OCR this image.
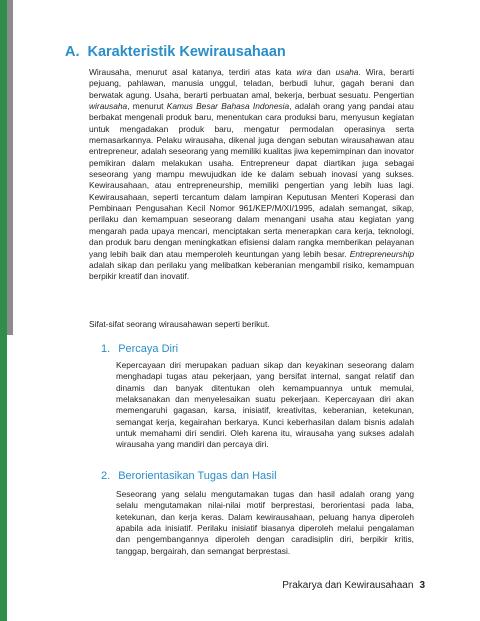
A. Karakteristik Kewirausahaan

Wirausaha, menurut asal katanya, terdiri atas kata wira dan usaha. Wira, berarti pejuang, pahlawan, manusia unggul, teladan, berbudi luhur, gagah berani dan berwatak agung. Usaha, berarti perbuatan amal, bekerja, berbuat sesuatu. Pengertian wirausaha, menurut Kamus Besar Bahasa Indonesia, adalah orang yang pandai atau berbakat mengenali produk baru, menentukan cara produksi baru, menyusun kegiatan untuk mengadakan produk baru, mengatur permodalan operasinya serta memasarkannya. Pelaku wirausaha, dikenal juga dengan sebutan wirausahawan atau entrepreneur, adalah seseorang yang memiliki kualitas jiwa kepemimpinan dan inovator pemikiran dalam melakukan usaha. Entrepreneur dapat diartikan juga sebagai seseorang yang mampu mewujudkan ide ke dalam sebuah inovasi yang sukses. Kewirausahaan, atau entrepreneurship, memiliki pengertian yang lebih luas lagi. Kewirausahaan, seperti tercantum dalam lampiran Keputusan Menteri Koperasi dan Pembinaan Pengusahan Kecil Nomor 961/KEP/M/XI/1995, adalah semangat, sikap, perilaku dan kemampuan seseorang dalam menangani usaha atau kegiatan yang mengarah pada upaya mencari, menciptakan serta menerapkan cara kerja, teknologi, dan produk baru dengan meningkatkan efisiensi dalam rangka memberikan pelayanan yang lebih baik dan atau memperoleh keuntungan yang lebih besar. Entrepreneurship adalah sikap dan perilaku yang melibatkan keberanian mengambil risiko, kemampuan berpikir kreatif dan inovatif.

Sifat-sifat seorang wirausahawan seperti berikut.

1. Percaya Diri

Kepercayaan diri merupakan paduan sikap dan keyakinan seseorang dalam menghadapi tugas atau pekerjaan, yang bersifat internal, sangat relatif dan dinamis dan banyak ditentukan oleh kemampuannya untuk memulai, melaksanakan dan menyelesaikan suatu pekerjaan. Kepercayaan diri akan memengaruhi gagasan, karsa, inisiatif, kreativitas, keberanian, ketekunan, semangat kerja, kegairahan berkarya. Kunci keberhasilan dalam bisnis adalah untuk memahami diri sendiri. Oleh karena itu, wirausaha yang sukses adalah wirausaha yang mandiri dan percaya diri.

2. Berorientasikan Tugas dan Hasil

Seseorang yang selalu mengutamakan tugas dan hasil adalah orang yang selalu mengutamakan nilai-nilai motif berprestasi, berorientasi pada laba, ketekunan, dan kerja keras. Dalam kewirausahaan, peluang hanya diperoleh apabila ada inisiatif. Perilaku inisiatif biasanya diperoleh melalui pengalaman dan pengembangannya diperoleh dengan caradisiplin diri, berpikir kritis, tanggap, bergairah, dan semangat berprestasi.

Prakarya dan Kewirausahaan 3
